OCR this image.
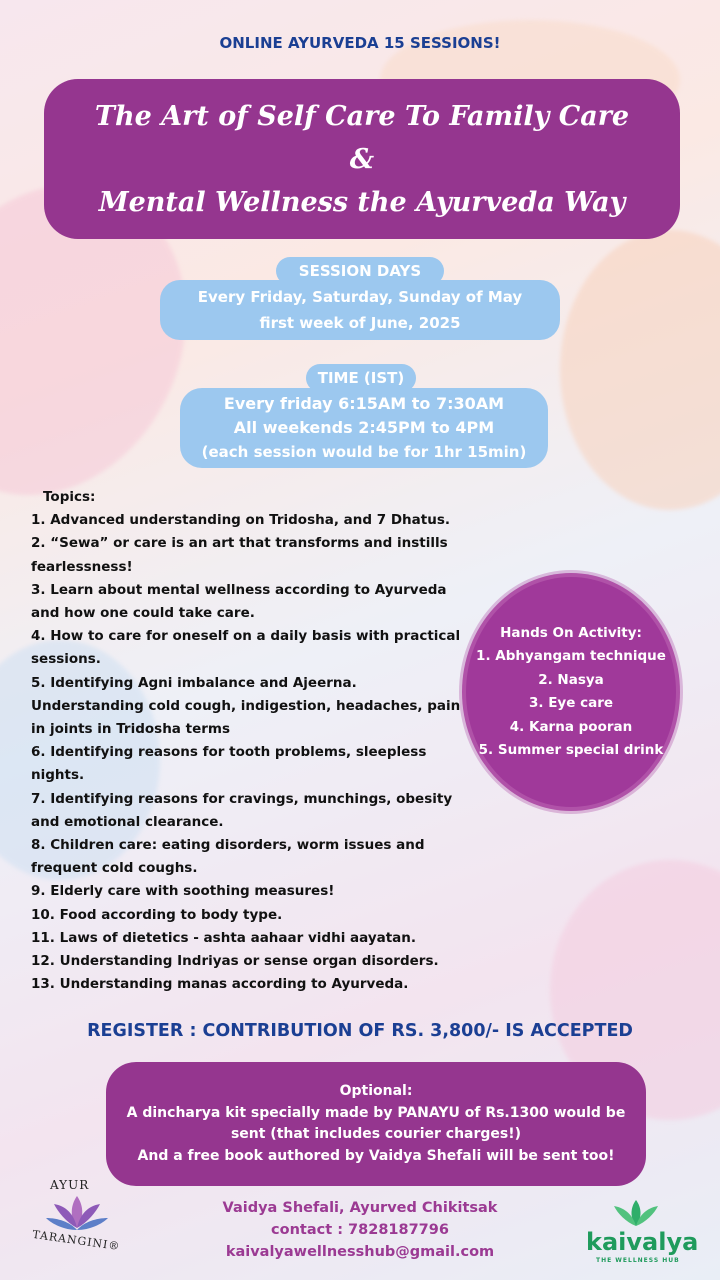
ONLINE AYURVEDA 15 SESSIONS!
The Art of Self Care To Family Care
&
Mental Wellness the Ayurveda Way
SESSION DAYS
Every Friday, Saturday, Sunday of May
first week of June, 2025
TIME (IST)
Every friday 6:15AM to 7:30AM
All weekends 2:45PM to 4PM
(each session would be for 1hr 15min)
Topics:

1. Advanced understanding on Tridosha, and 7 Dhatus.

2. “Sewa” or care is an art that transforms and instills fearlessness!

3. Learn about mental wellness according to Ayurveda and how one could take care.

4. How to care for oneself on a daily basis with practical sessions.

5. Identifying Agni imbalance and Ajeerna. Understanding cold cough, indigestion, headaches, pain in joints in Tridosha terms

6. Identifying reasons for tooth problems, sleepless nights.

7. Identifying reasons for cravings, munchings, obesity and emotional clearance.

8. Children care: eating disorders, worm issues and frequent cold coughs.

9. Elderly care with soothing measures!

10. Food according to body type.

11. Laws of dietetics - ashta aahaar vidhi aayatan.

12. Understanding Indriyas or sense organ disorders.

13. Understanding manas according to Ayurveda.

Hands On Activity:
1. Abhyangam technique
2. Nasya
3. Eye care
4. Karna pooran
5. Summer special drink
REGISTER : CONTRIBUTION OF RS. 3,800/- IS ACCEPTED
Optional:
A dincharya kit specially made by PANAYU of Rs.1300 would be sent (that includes courier charges!)
And a free book authored by Vaidya Shefali will be sent too!
Vaidya Shefali, Ayurved Chikitsak
contact : 7828187796
kaivalyawellnesshub@gmail.com
AYUR
TARANGINI®	kaivalya
THE WELLNESS HUB
